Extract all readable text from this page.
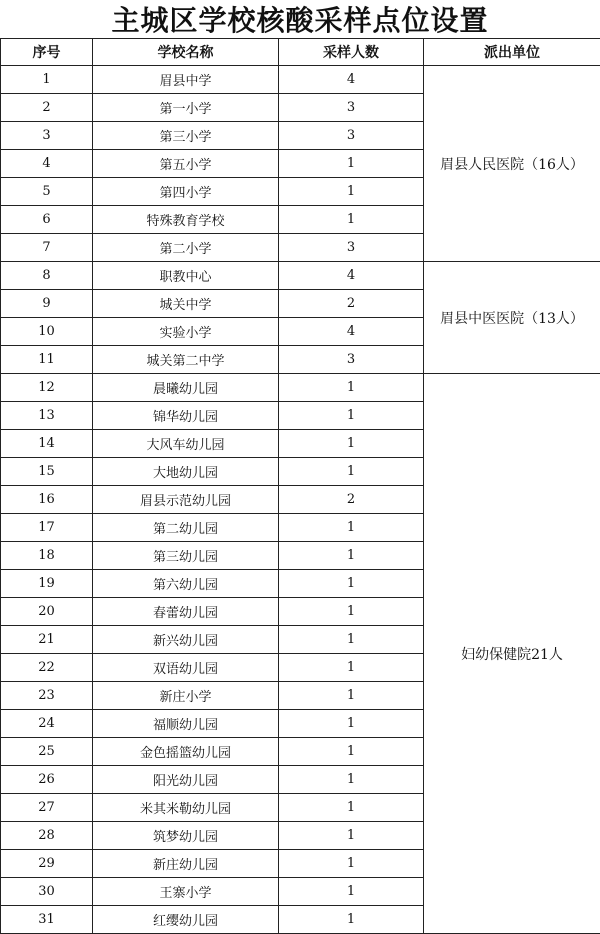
主城区学校核酸采样点位设置
序号	学校名称	采样人数	派出单位
1	眉县中学	4	眉县人民医院（16人）
2	第一小学	3	
3	第三小学	3	
4	第五小学	1	
5	第四小学	1	
6	特殊教育学校	1	
7	第二小学	3	
8	职教中心	4	眉县中医医院（13人）
9	城关中学	2	
10	实验小学	4	
11	城关第二中学	3	
12	晨曦幼儿园	1	妇幼保健院21人
13	锦华幼儿园	1	
14	大风车幼儿园	1	
15	大地幼儿园	1	
16	眉县示范幼儿园	2	
17	第二幼儿园	1	
18	第三幼儿园	1	
19	第六幼儿园	1	
20	春蕾幼儿园	1	
21	新兴幼儿园	1	
22	双语幼儿园	1	
23	新庄小学	1	
24	福顺幼儿园	1	
25	金色摇篮幼儿园	1	
26	阳光幼儿园	1	
27	米其米勒幼儿园	1	
28	筑梦幼儿园	1	
29	新庄幼儿园	1	
30	王寨小学	1	
31	红缨幼儿园	1	
